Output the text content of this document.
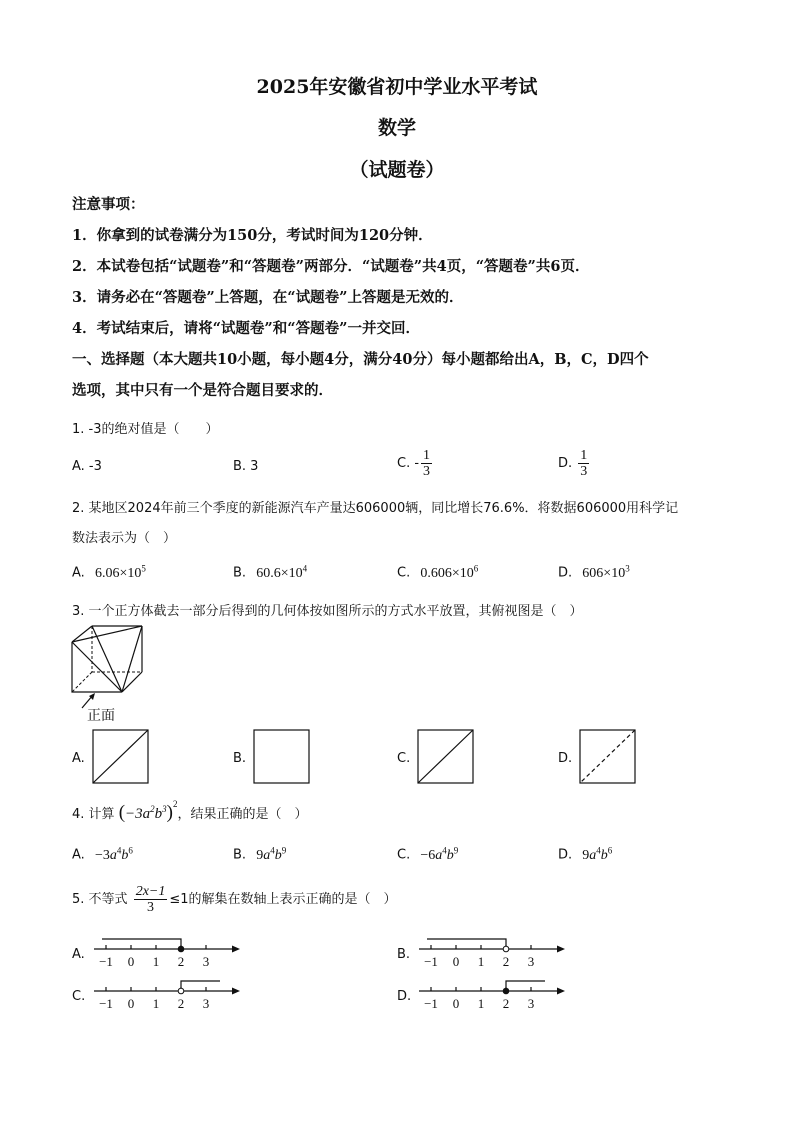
2025年安徽省初中学业水平考试
数学
（试题卷）
注意事项：
1．你拿到的试卷满分为150分，考试时间为120分钟．
2．本试卷包括“试题卷”和“答题卷”两部分．“试题卷”共4页，“答题卷”共6页．
3．请务必在“答题卷”上答题，在“试题卷”上答题是无效的．
4．考试结束后，请将“试题卷”和“答题卷”一并交回．
一、选择题（本大题共10小题，每小题4分，满分40分）每小题都给出A，B，C，D四个
选项，其中只有一个是符合题目要求的．
1. -3的绝对值是（　　）
A. -3	B. 3	C. - $\frac{1}{3}$	D. $\frac{1}{3}$
2. 某地区2024年前三个季度的新能源汽车产量达606000辆，同比增长76.6%．将数据606000用科学记
数法表示为（　）
A. $6.06\times 10^5$	B. $60.6\times 10^4$	C. $0.606\times 10^6$	D. $606\times 10^3$
3. 一个正方体截去一部分后得到的几何体按如图所示的方式水平放置，其俯视图是（　）
正面
A.	B.	C.	D.
4. 计算 $(-3a^2b^3)^2$，结果正确的是（　）
A. $-3a^4b^6$	B. $9a^4b^9$	C. $-6a^4b^9$	D. $9a^4b^6$
5. 不等式 $\frac{2x-1}{3} \le 1$的解集在数轴上表示正确的是（　）
A. −1 0 1 2 3	B. −1 0 1 2 3
C. −1 0 1 2 3	D. −1 0 1 2 3
